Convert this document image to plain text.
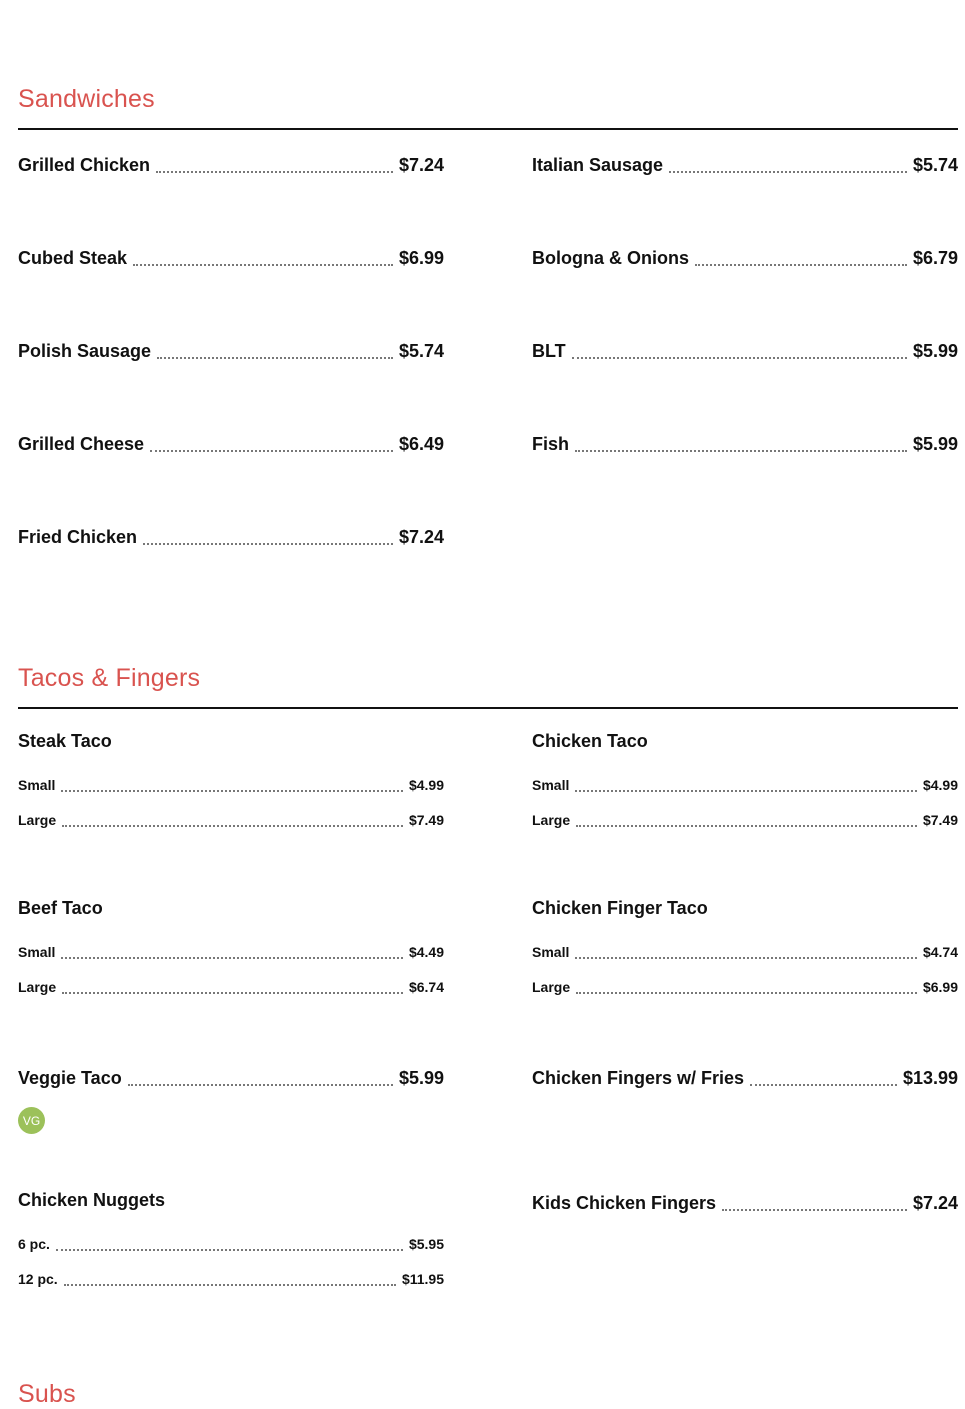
Sandwiches
Grilled Chicken	$7.24	Italian Sausage	$5.74
Cubed Steak	$6.99	Bologna & Onions	$6.79
Polish Sausage	$5.74	BLT	$5.99
Grilled Cheese	$6.49	Fish	$5.99
Fried Chicken	$7.24
Tacos & Fingers
Steak Taco
Small	$4.99
Large	$7.49
Chicken Taco
Small	$4.99
Large	$7.49
Beef Taco
Small	$4.49
Large	$6.74
Chicken Finger Taco
Small	$4.74
Large	$6.99
Veggie Taco	$5.99
VG
Chicken Fingers w/ Fries	$13.99
Chicken Nuggets
6 pc.	$5.95
12 pc.	$11.95
Kids Chicken Fingers	$7.24
Subs
